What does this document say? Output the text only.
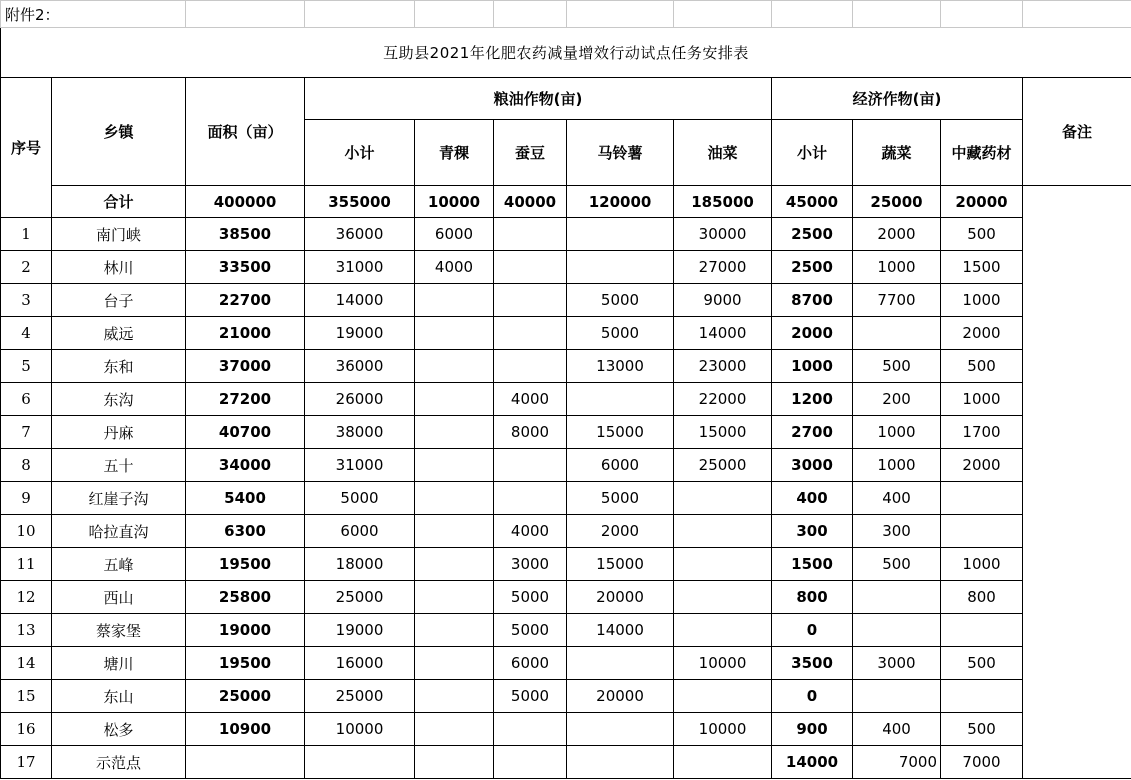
附件2：											
互助县2021年化肥农药减量增效行动试点任务安排表											
序号	乡镇	面积（亩）	粮油作物(亩)					经济作物(亩)			备注
			小计	青稞	蚕豆	马铃薯	油菜	小计	蔬菜	中藏药材	
	合计	400000	355000	10000	40000	120000	185000	45000	25000	20000	
1	南门峡	38500	36000	6000			30000	2500	2000	500	
2	林川	33500	31000	4000			27000	2500	1000	1500	
3	台子	22700	14000			5000	9000	8700	7700	1000	
4	威远	21000	19000			5000	14000	2000		2000	
5	东和	37000	36000			13000	23000	1000	500	500	
6	东沟	27200	26000		4000		22000	1200	200	1000	
7	丹麻	40700	38000		8000	15000	15000	2700	1000	1700	
8	五十	34000	31000			6000	25000	3000	1000	2000	
9	红崖子沟	5400	5000			5000		400	400		
10	哈拉直沟	6300	6000		4000	2000		300	300		
11	五峰	19500	18000		3000	15000		1500	500	1000	
12	西山	25800	25000		5000	20000		800		800	
13	蔡家堡	19000	19000		5000	14000		0			
14	塘川	19500	16000		6000		10000	3500	3000	500	
15	东山	25000	25000		5000	20000		0			
16	松多	10900	10000				10000	900	400	500	
17	示范点							14000	7000	7000	
